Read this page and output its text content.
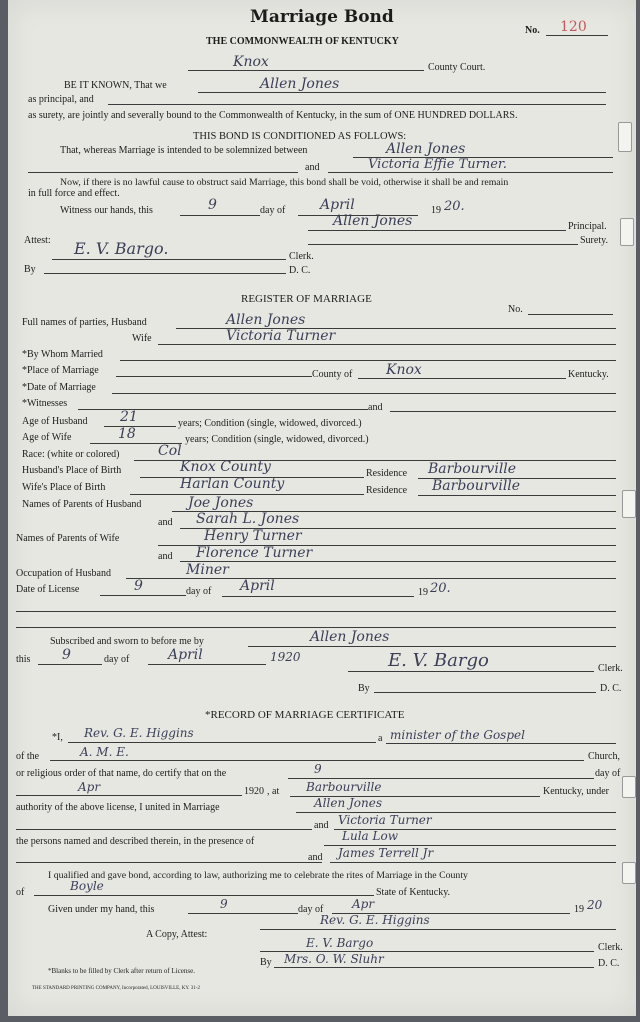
Marriage Bond
No. 120
THE COMMONWEALTH OF KENTUCKY
Knox	County Court.
BE IT KNOWN, That we	Allen Jones
as principal, and
as surety, are jointly and severally bound to the Commonwealth of Kentucky, in the sum of ONE HUNDRED DOLLARS.
THIS BOND IS CONDITIONED AS FOLLOWS:
That, whereas Marriage is intended to be solemnized between	Allen Jones
and	Victoria Effie Turner.
Now, if there is no lawful cause to obstruct said Marriage, this bond shall be void, otherwise it shall be and remain
in full force and effect.
Witness our hands, this	9	day of April	19 20.
Allen Jones	Principal.
Surety.
Attest: E. V. Bargo.	Clerk.
By	D. C.
REGISTER OF MARRIAGE
No.
Full names of parties, Husband	Allen Jones
Wife	Victoria Turner
*By Whom Married
*Place of Marriage	County of Knox	Kentucky.
*Date of Marriage
*Witnesses	and
Age of Husband 21	years; Condition (single, widowed, divorced.)
Age of Wife	18	years; Condition (single, widowed, divorced.)
Race: (white or colored)	Col
Husband's Place of Birth	Knox County	Residence Barbourville
Wife's Place of Birth	Harlan County	Residence Barbourville
Names of Parents of Husband	Joe Jones
and Sarah L. Jones
Names of Parents of Wife	Henry Turner
and Florence Turner
Occupation of Husband	Miner
Date of License	9	day of April	19 20.
Subscribed and sworn to before me by	Allen Jones
this 9	day of	April	1920	E. V. Bargo	Clerk.
By	D. C.
*RECORD OF MARRIAGE CERTIFICATE
*I, Rev. G. E. Higgins	a minister of the Gospel
of the	A. M. E.	Church,
or religious order of that name, do certify that on the	9	day of
Apr	1920 , at Barbourville	Kentucky, under
authority of the above license, I united in Marriage	Allen Jones
and Victoria Turner
the persons named and described therein, in the presence of	Lula Low
and James Terrell Jr
I qualified and gave bond, according to law, authorizing me to celebrate the rites of Marriage in the County
of	Boyle	State of Kentucky.
Given under my hand, this	9	day of Apr	19 20
Rev. G. E. Higgins
A Copy, Attest:
E. V. Bargo	Clerk.
By Mrs. O. W. Sluhr	D. C.
*Blanks to be filled by Clerk after return of License.
THE STANDARD PRINTING COMPANY, Incorporated, LOUISVILLE, KY. 31-2
